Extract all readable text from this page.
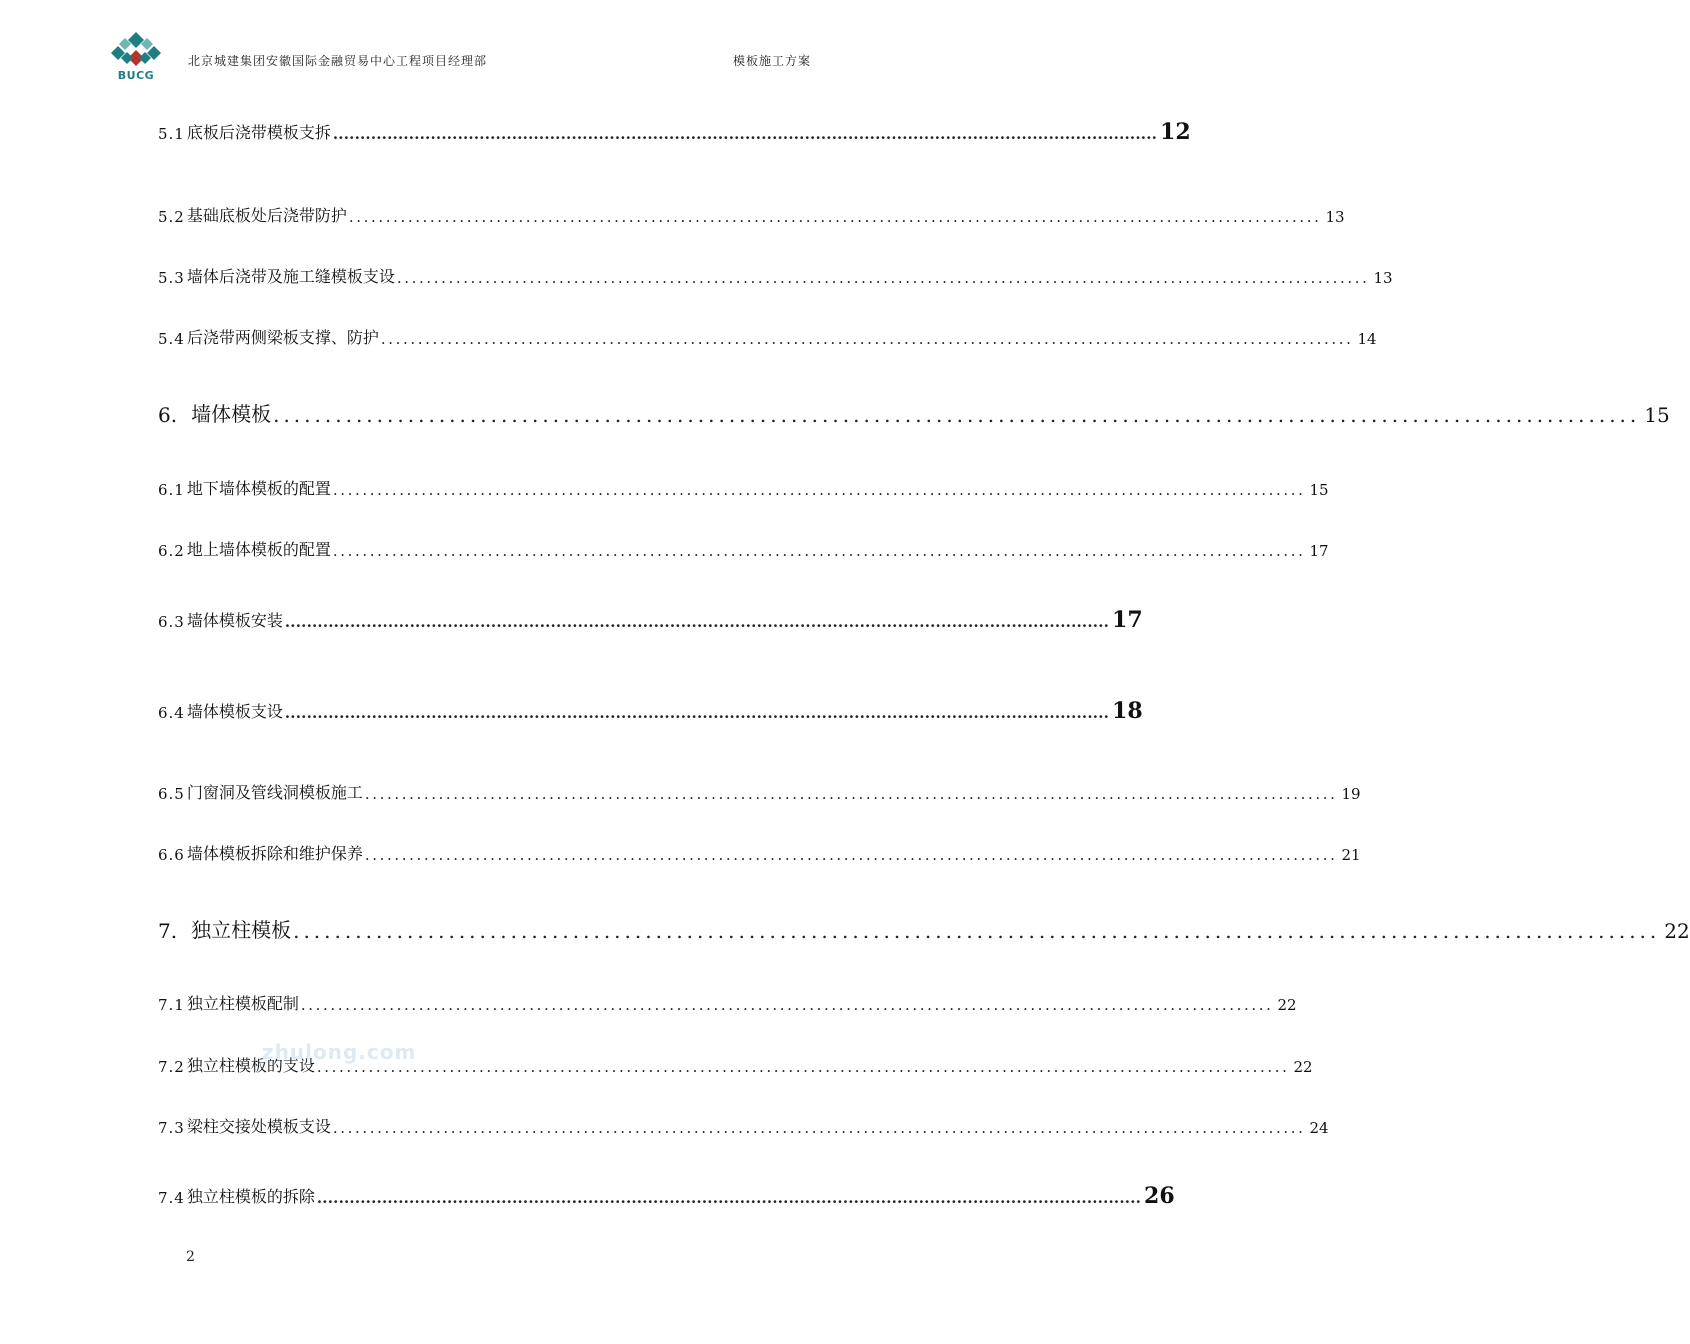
BUCG
北京城建集团安徽国际金融贸易中心工程项目经理部	模板施工方案
5.1 底板后浇带模板支拆 ........................................................................................................................................................ 12
5.2 基础底板处后浇带防护 .................................................................................................................................... 13
5.3 墙体后浇带及施工缝模板支设 .................................................................................................................................... 13
5.4 后浇带两侧梁板支撑、防护 .................................................................................................................................... 14
6. 墙体模板 .................................................................................................................................... 15
6.1 地下墙体模板的配置 .................................................................................................................................... 15
6.2 地上墙体模板的配置 .................................................................................................................................... 17
6.3 墙体模板安装 ........................................................................................................................................................ 17
6.4 墙体模板支设 ........................................................................................................................................................ 18
6.5 门窗洞及管线洞模板施工 .................................................................................................................................... 19
6.6 墙体模板拆除和维护保养 .................................................................................................................................... 21
7. 独立柱模板 .................................................................................................................................... 22
7.1 独立柱模板配制 .................................................................................................................................... 22
7.2 独立柱模板的支设 .................................................................................................................................... 22
7.3 梁柱交接处模板支设 .................................................................................................................................... 24
7.4 独立柱模板的拆除 ........................................................................................................................................................ 26
zhulong.com
2
